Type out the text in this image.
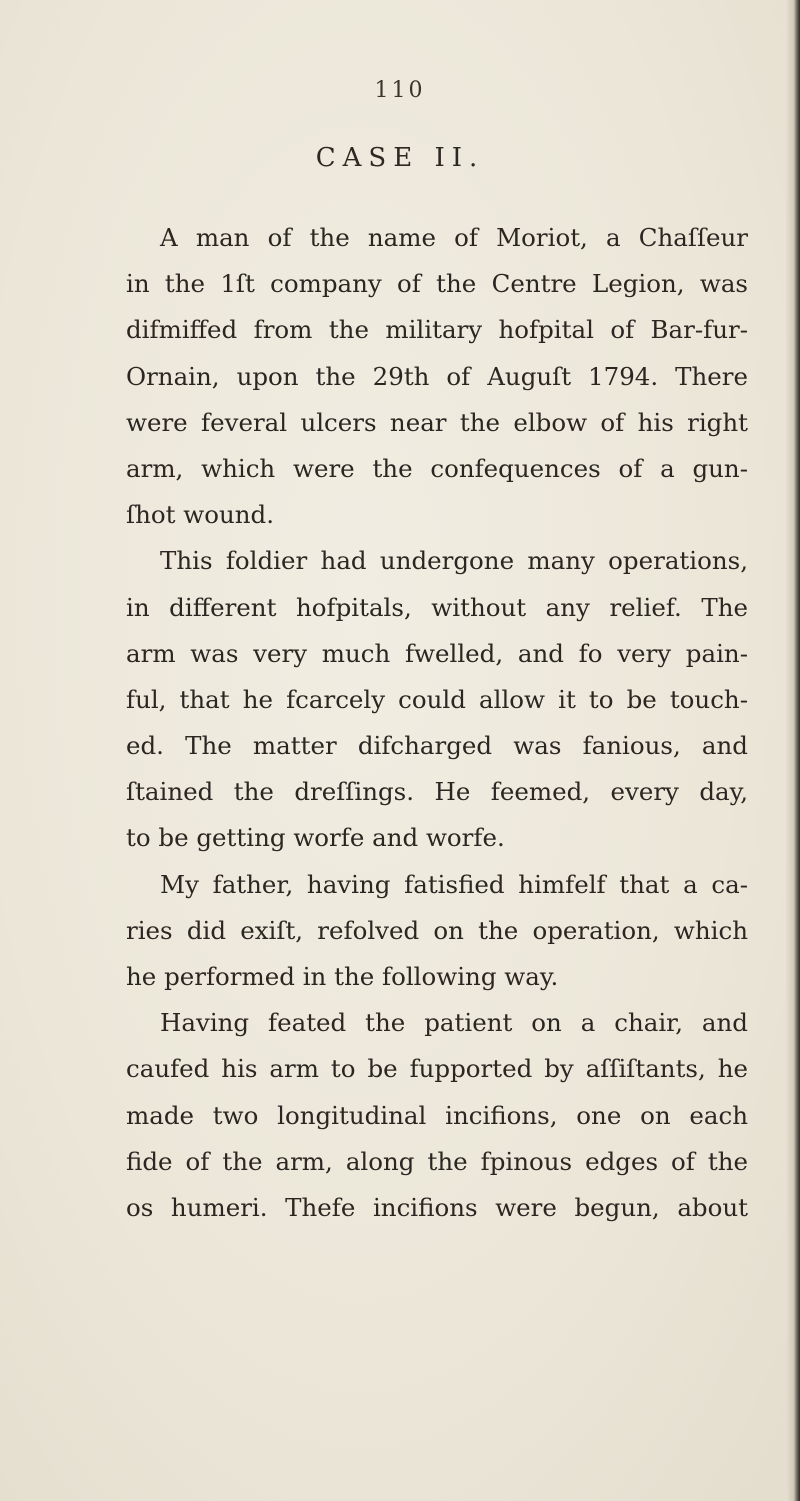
110
CASE II.
A man of the name of Moriot, a Chaſſeur
in the 1ſt company of the Centre Legion, was
difmiffed from the military hofpital of Bar-fur-
Ornain, upon the 29th of Auguſt 1794. There
were feveral ulcers near the elbow of his right
arm, which were the confequences of a gun-
ſhot wound.
This foldier had undergone many operations,
in different hofpitals, without any relief. The
arm was very much fwelled, and fo very pain-
ful, that he fcarcely could allow it to be touch-
ed. The matter difcharged was fanious, and
ſtained the dreſſings. He feemed, every day,
to be getting worfe and worfe.
My father, having fatisfied himfelf that a ca-
ries did exiſt, refolved on the operation, which
he performed in the following way.
Having feated the patient on a chair, and
caufed his arm to be fupported by aſſiſtants, he
made two longitudinal incifions, one on each
fide of the arm, along the fpinous edges of the
os humeri. Thefe incifions were begun, about
